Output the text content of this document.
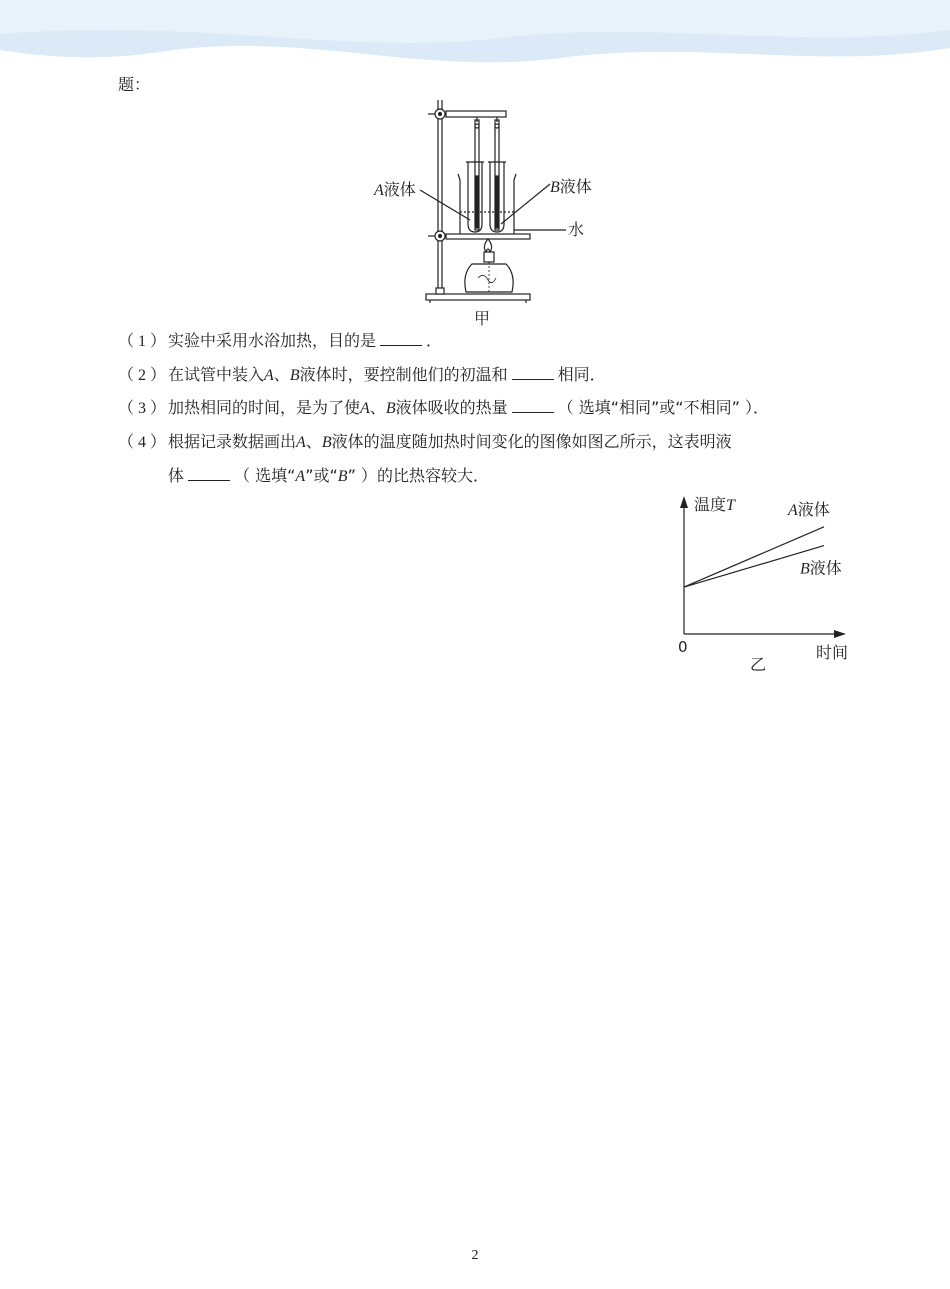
题：
A液体	B液体
水
甲
（ 1 ） 实验中采用水浴加热，目的是	．
（ 2 ） 在试管中装入A、B液体时，要控制他们的初温和	相同．
（ 3 ） 加热相同的时间，是为了使A、B液体吸收的热量	（ 选填“相同”或“不相同” ）．
（ 4 ） 根据记录数据画出A、B液体的温度随加热时间变化的图像如图乙所示，这表明液
体	（ 选填“A”或“B” ）的比热容较大．
A液体
B液体
温度T
0	时间
乙
2
